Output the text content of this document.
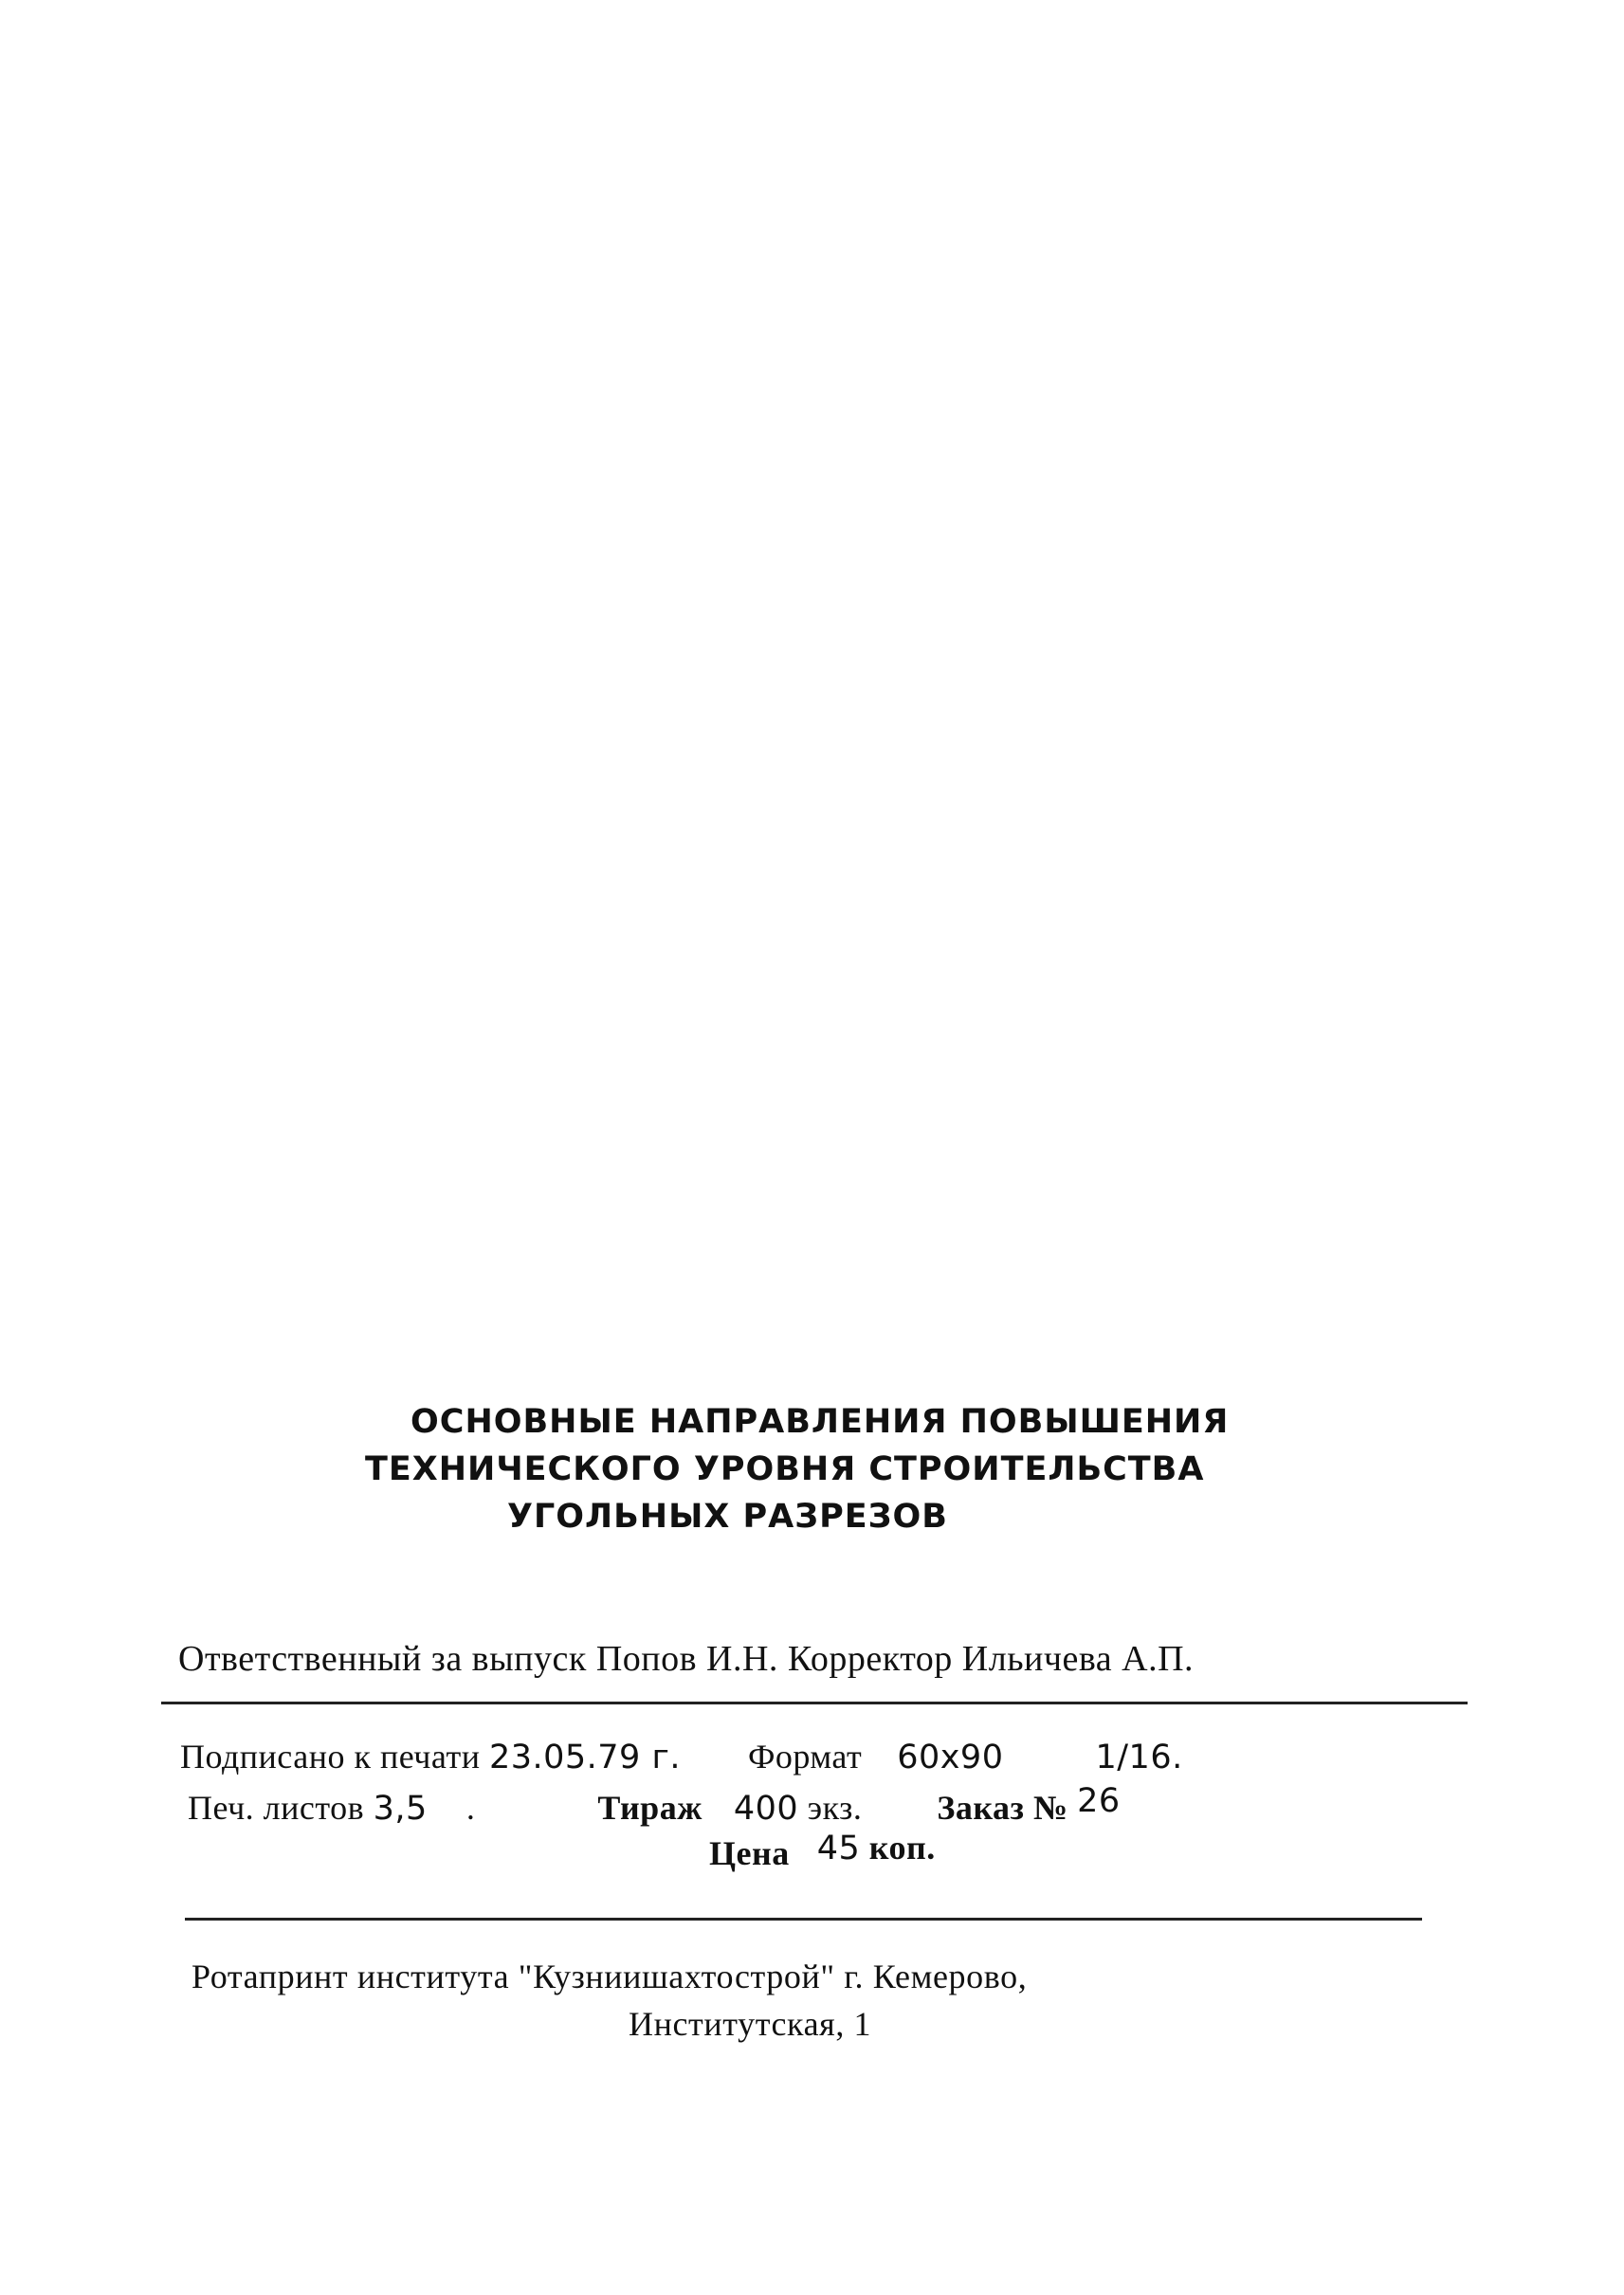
ОСНОВНЫЕ НАПРАВЛЕНИЯ ПОВЫШЕНИЯ
ТЕХНИЧЕСКОГО УРОВНЯ СТРОИТЕЛЬСТВА
УГОЛЬНЫХ РАЗРЕЗОВ
Ответственный за выпуск Попов И.Н. Корректор Ильичева А.П.
Подписано к печати 23.05.79 г. Формат 60x90	1/16.
Печ. листов 3,5 .	Тираж 400 экз. Заказ № 26
Цена 45 коп.
Ротапринт института "Кузниишахтострой" г. Кемерово,
Институтская, 1
